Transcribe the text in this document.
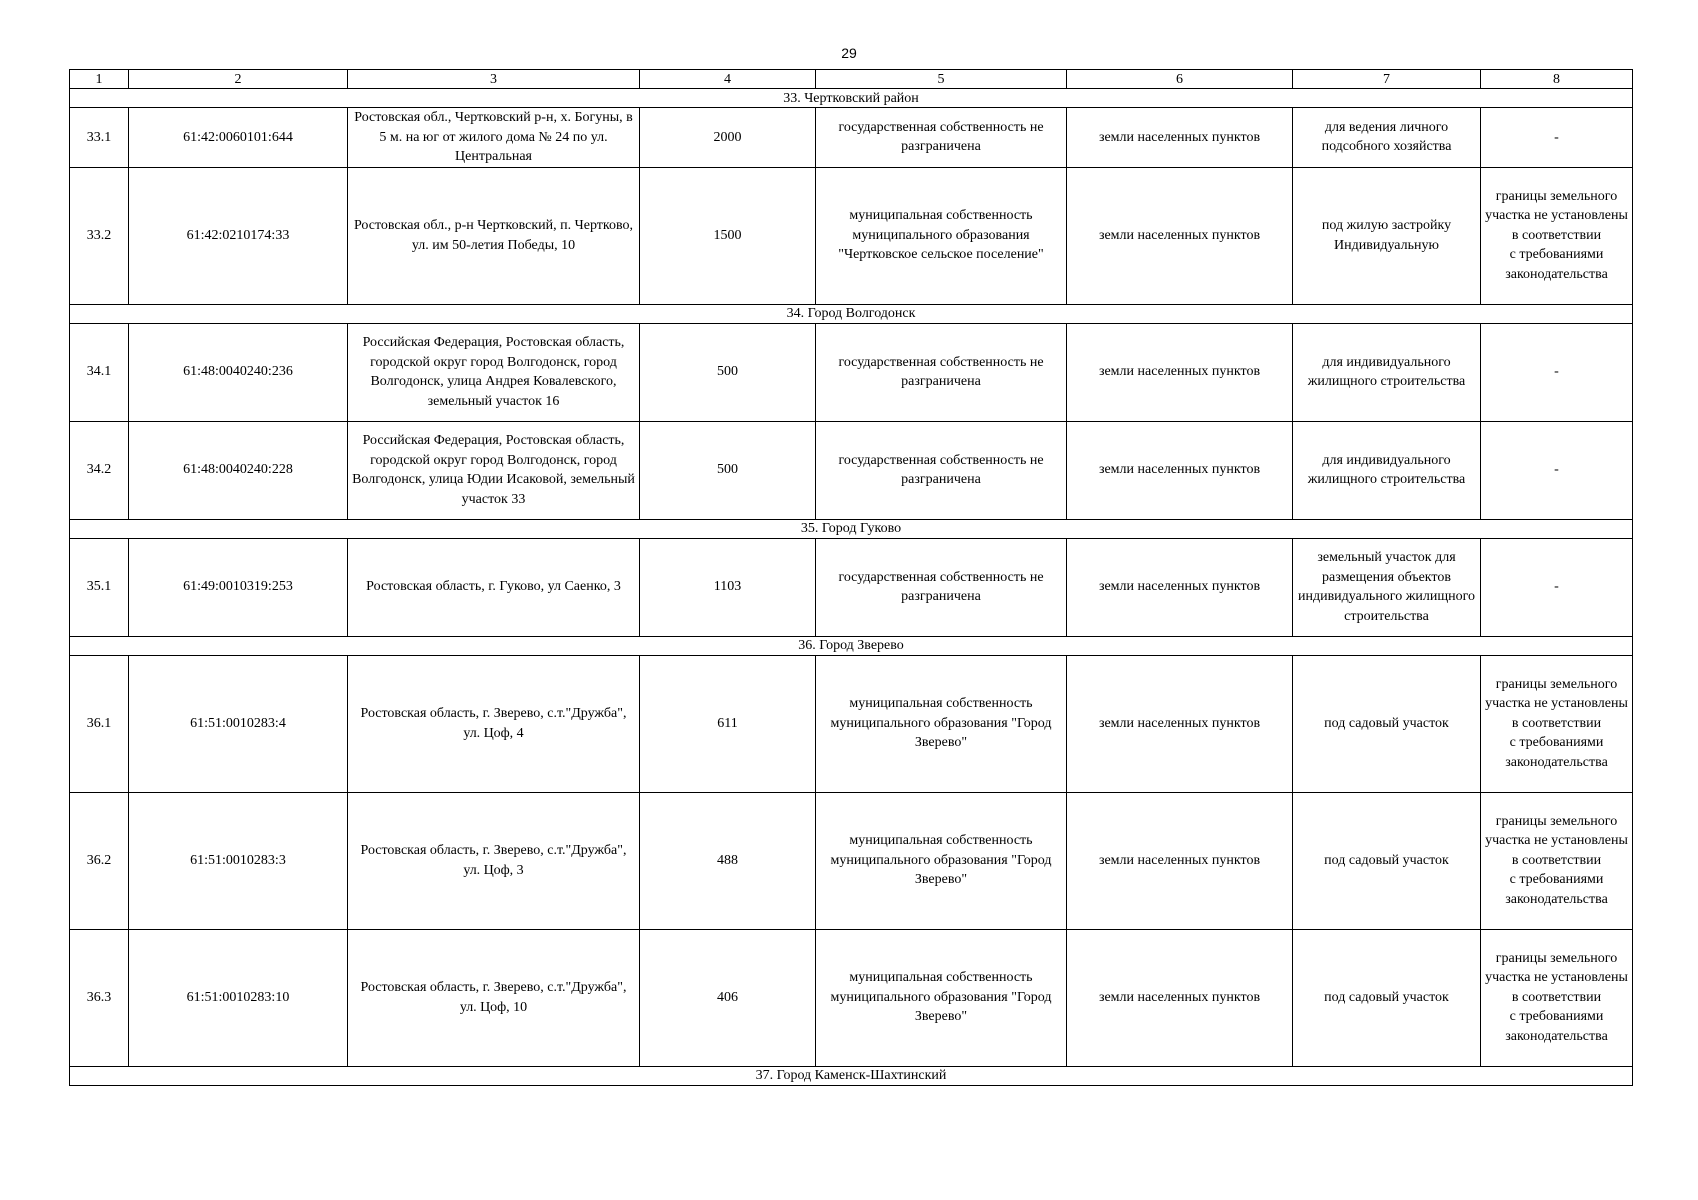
29
1	2	3	4	5	6	7	8
33. Чертковский район							
33.1	61:42:0060101:644	Ростовская обл., Чертковский р-н, х. Богуны, в 5 м. на юг от жилого дома № 24 по ул. Центральная	2000	государственная собственность не разграничена	земли населенных пунктов	для ведения личного подсобного хозяйства	-
33.2	61:42:0210174:33	Ростовская обл., р-н Чертковский, п. Чертково, ул. им 50-летия Победы, 10	1500	муниципальная собственность муниципального образования "Чертковское сельское поселение"	земли населенных пунктов	под жилую застройку Индивидуальную	границы земельного участка не установлены
в соответствии
с требованиями законодательства
34. Город Волгодонск							
34.1	61:48:0040240:236	Российская Федерация, Ростовская область, городской округ город Волгодонск, город Волгодонск, улица Андрея Ковалевского, земельный участок 16	500	государственная собственность не разграничена	земли населенных пунктов	для индивидуального жилищного строительства	-
34.2	61:48:0040240:228	Российская Федерация, Ростовская область, городской округ город Волгодонск, город Волгодонск, улица Юдии Исаковой, земельный участок 33	500	государственная собственность не разграничена	земли населенных пунктов	для индивидуального жилищного строительства	-
35. Город Гуково							
35.1	61:49:0010319:253	Ростовская область, г. Гуково, ул Саенко, 3	1103	государственная собственность не разграничена	земли населенных пунктов	земельный участок для размещения объектов индивидуального жилищного строительства	-
36. Город Зверево							
36.1	61:51:0010283:4	Ростовская область, г. Зверево, с.т."Дружба", ул. Цоф, 4	611	муниципальная собственность муниципального образования "Город Зверево"	земли населенных пунктов	под садовый участок	границы земельного участка не установлены
в соответствии
с требованиями законодательства
36.2	61:51:0010283:3	Ростовская область, г. Зверево, с.т."Дружба", ул. Цоф, 3	488	муниципальная собственность муниципального образования "Город Зверево"	земли населенных пунктов	под садовый участок	границы земельного участка не установлены
в соответствии
с требованиями законодательства
36.3	61:51:0010283:10	Ростовская область, г. Зверево, с.т."Дружба", ул. Цоф, 10	406	муниципальная собственность муниципального образования "Город Зверево"	земли населенных пунктов	под садовый участок	границы земельного участка не установлены
в соответствии
с требованиями законодательства
37. Город Каменск-Шахтинский							
